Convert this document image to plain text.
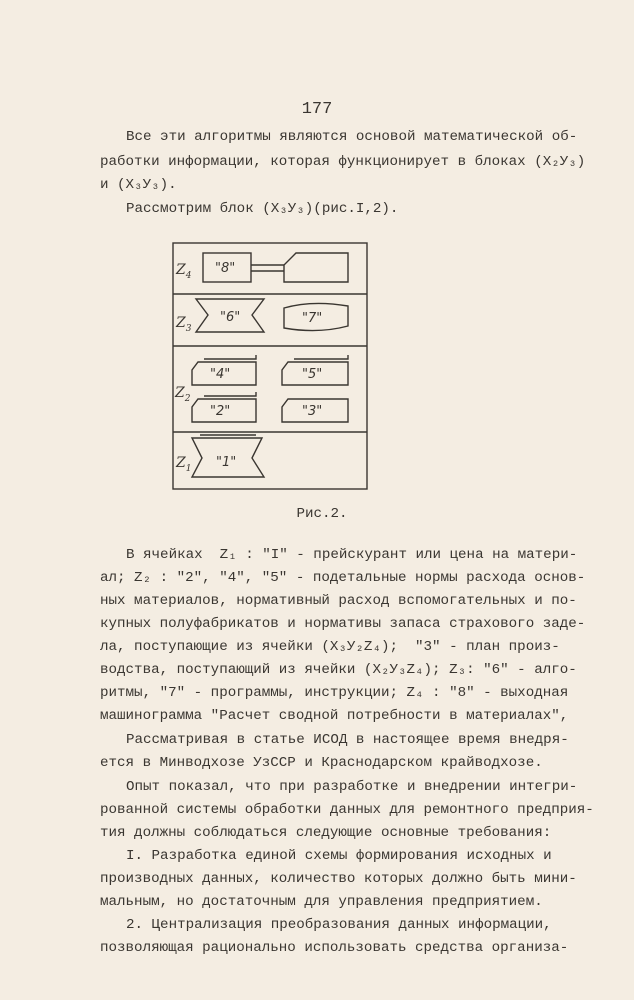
177
Все эти алгоритмы являются основой математической об-
работки информации, которая функционирует в блоках (X₂У₃)
и (X₃У₃).
Рассмотрим блок (X₃У₃)(рис.I,2).
$Z_4$
$Z_3$
$Z_2$
$Z_1$
"8"
"6"	"7"
"4"	"5"
"2"	"3"
"1"
Рис.2.
В ячейках  Z₁ : "I" - прейскурант или цена на матери-
ал; Z₂ : "2", "4", "5" - подетальные нормы расхода основ-
ных материалов, нормативный расход вспомогательных и по-
купных полуфабрикатов и нормативы запаса страхового заде-
ла, поступающие из ячейки (X₃У₂Z₄);  "3" - план произ-
водства, поступающий из ячейки (X₂У₃Z₄); Z₃: "6" - алго-
ритмы, "7" - программы, инструкции; Z₄ : "8" - выходная
машинограмма "Расчет сводной потребности в материалах",
Рассматривая в статье ИСОД в настоящее время внедря-
ется в Минводхозе УзССР и Краснодарском крайводхозе.
Опыт показал, что при разработке и внедрении интегри-
рованной системы обработки данных для ремонтного предприя-
тия должны соблюдаться следующие основные требования:
I. Разработка единой схемы формирования исходных и
производных данных, количество которых должно быть мини-
мальным, но достаточным для управления предприятием.
2. Централизация преобразования данных информации,
позволяющая рационально использовать средства организа-
